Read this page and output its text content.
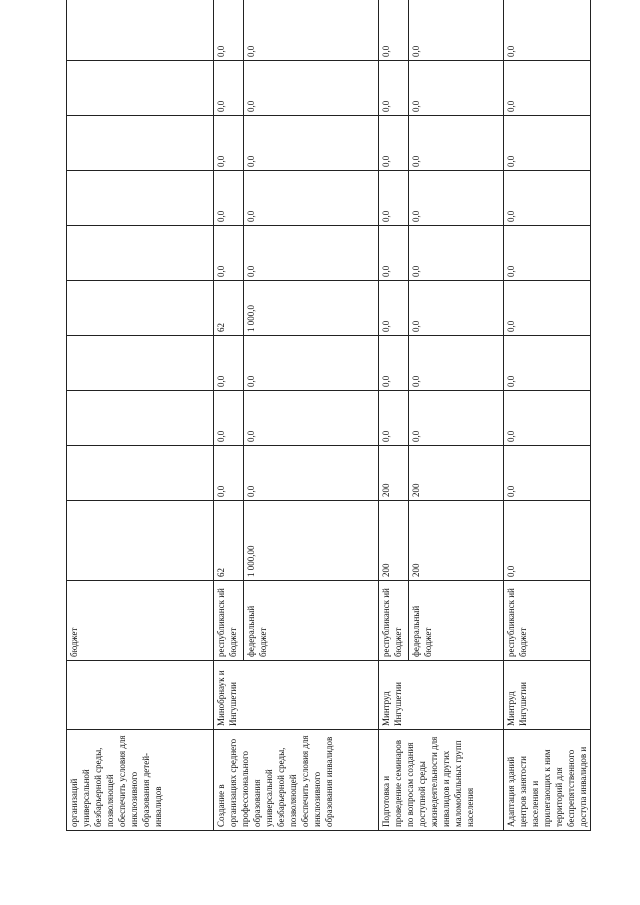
организаций универсальной безбарьерной среды, позволяющей обеспечить условия для инклюзивного образования детей-инвалидов		бюджет										
Создание в организациях среднего профессионального образования универсальной безбарьерной среды, позволяющей обеспечить условия для инклюзивного образования инвалидов	Минобрнаук и Ингушетии	республиканск ий бюджет	62	0,0	0,0	0,0	62	0,0	0,0	0,0	0,0	0,0
		федеральный бюджет	1 000,00	0,0	0,0	0,0	1 000,0	0,0	0,0	0,0	0,0	0,0
Подготовка и проведение семинаров по вопросам создания доступной среды жизнедеятельности для инвалидов и других маломобильных групп населения	Минтруд Ингушетии	республиканск ий бюджет	200	200	0,0	0,0	0,0	0,0	0,0	0,0	0,0	0,0
		федеральный бюджет	200	200	0,0	0,0	0,0	0,0	0,0	0,0	0,0	0,0
Адаптация зданий центров занятости населения и прилегающих к ним территорий для беспрепятственного доступа инвалидов и	Минтруд Ингушетии	республиканск ий бюджет	0,0	0,0	0,0	0,0	0,0	0,0	0,0	0,0	0,0	0,0
